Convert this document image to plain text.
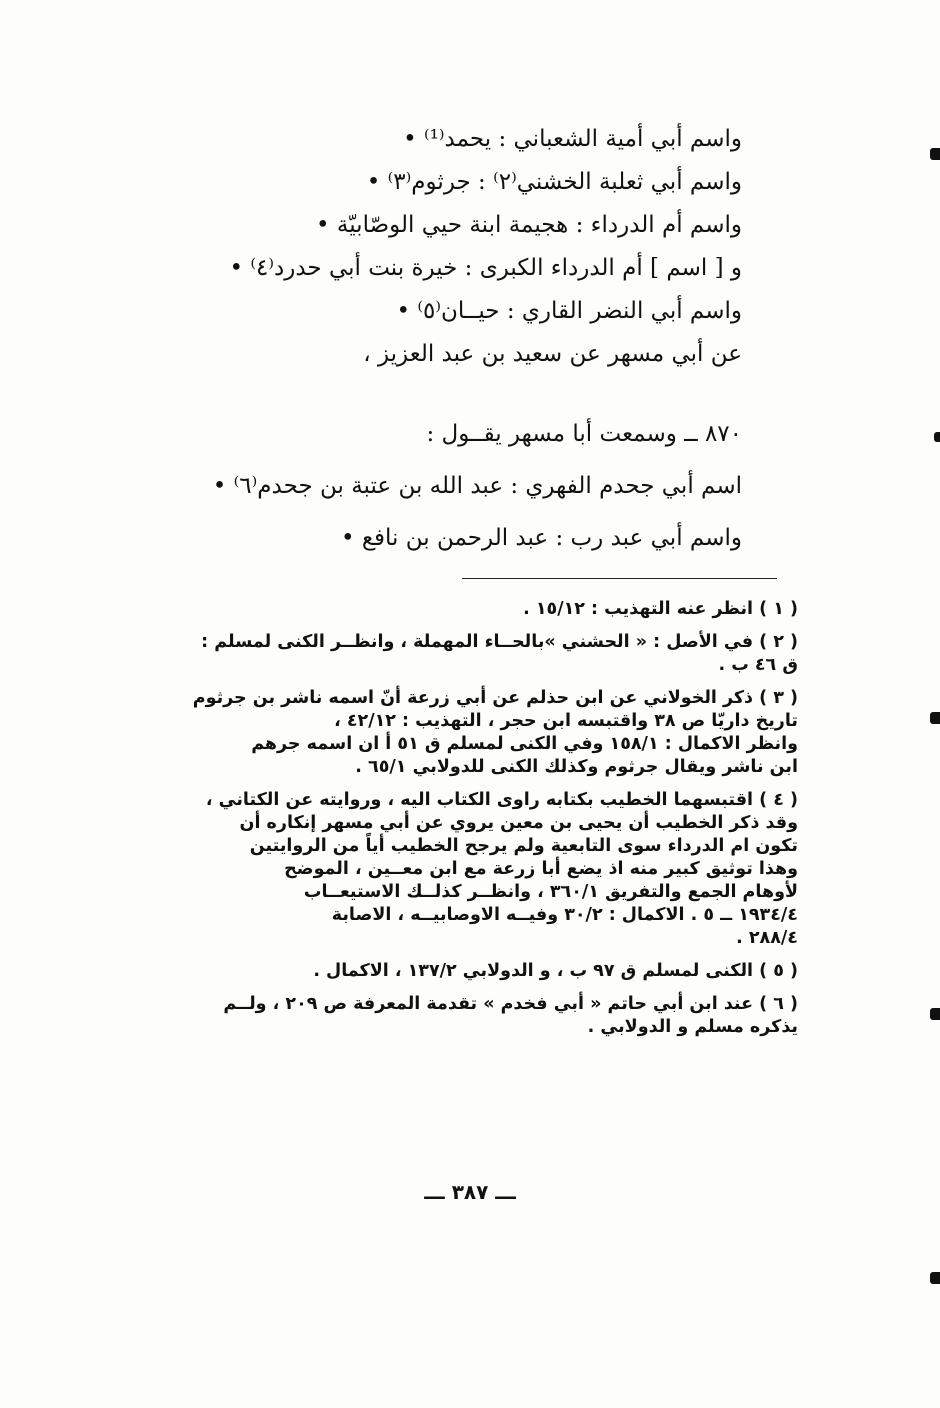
واسم أبي أمية الشعباني : يحمد⁽¹⁾ •
واسم أبي ثعلبة الخشني⁽٢⁾ : جرثوم⁽٣⁾ •
واسم أم الدرداء : هجيمة ابنة حيي الوصّابيّة •
و [ اسم ] أم الدرداء الكبرى : خيرة بنت أبي حدرد⁽٤⁾ •
واسم أبي النضر القاري : حيــان⁽٥⁾ •
عن أبي مسهر عن سعيد بن عبد العزيز ،
٨٧٠ ــ وسمعت أبا مسهر يقــول :
اسم أبي جحدم الفهري : عبد الله بن عتبة بن جحدم⁽٦⁾ •
واسم أبي عبد رب : عبد الرحمن بن نافع •
( ١ ) انظر عنه التهذيب : ١٥/١٢ .
( ٢ ) في الأصل : « الحشني »بالحــاء المهملة ، وانظــر الكنى لمسلم :
ق ٤٦ ب .
( ٣ ) ذكر الخولاني عن ابن حذلم عن أبي زرعة أنّ اسمه ناشر بن جرثوم
تاريخ داريّا ص ٣٨ واقتبسه ابن حجر ، التهذيب : ٤٢/١٢ ،
وانظر الاكمال : ١٥٨/١ وفي الكنى لمسلم ق ٥١ أ ان اسمه جرهم
ابن ناشر ويقال جرثوم وكذلك الكنى للدولابي ٦٥/١ .
( ٤ ) اقتبسهما الخطيب بكتابه راوى الكتاب اليه ، وروايته عن الكتاني ،
وقد ذكر الخطيب أن يحيى بن معين يروي عن أبي مسهر إنكاره أن
تكون ام الدرداء سوى التابعية ولم يرجح الخطيب أياً من الروايتين
وهذا توثيق كبير منه اذ يضع أبا زرعة مع ابن معــين ، الموضح
لأوهام الجمع والتفريق ٣٦٠/١ ، وانظــر كذلــك الاستيعــاب
١٩٣٤/٤ ــ ٥ . الاكمال : ٣٠/٢ وفيــه الاوصابيــه ، الاصابة
٢٨٨/٤ .
( ٥ ) الكنى لمسلم ق ٩٧ ب ، و الدولابي ١٣٧/٢ ، الاكمال .
( ٦ ) عند ابن أبي حاتم « أبي فخدم » تقدمة المعرفة ص ٢٠٩ ، ولــم
يذكره مسلم و الدولابي .
ـــ ٣٨٧ ـــ
